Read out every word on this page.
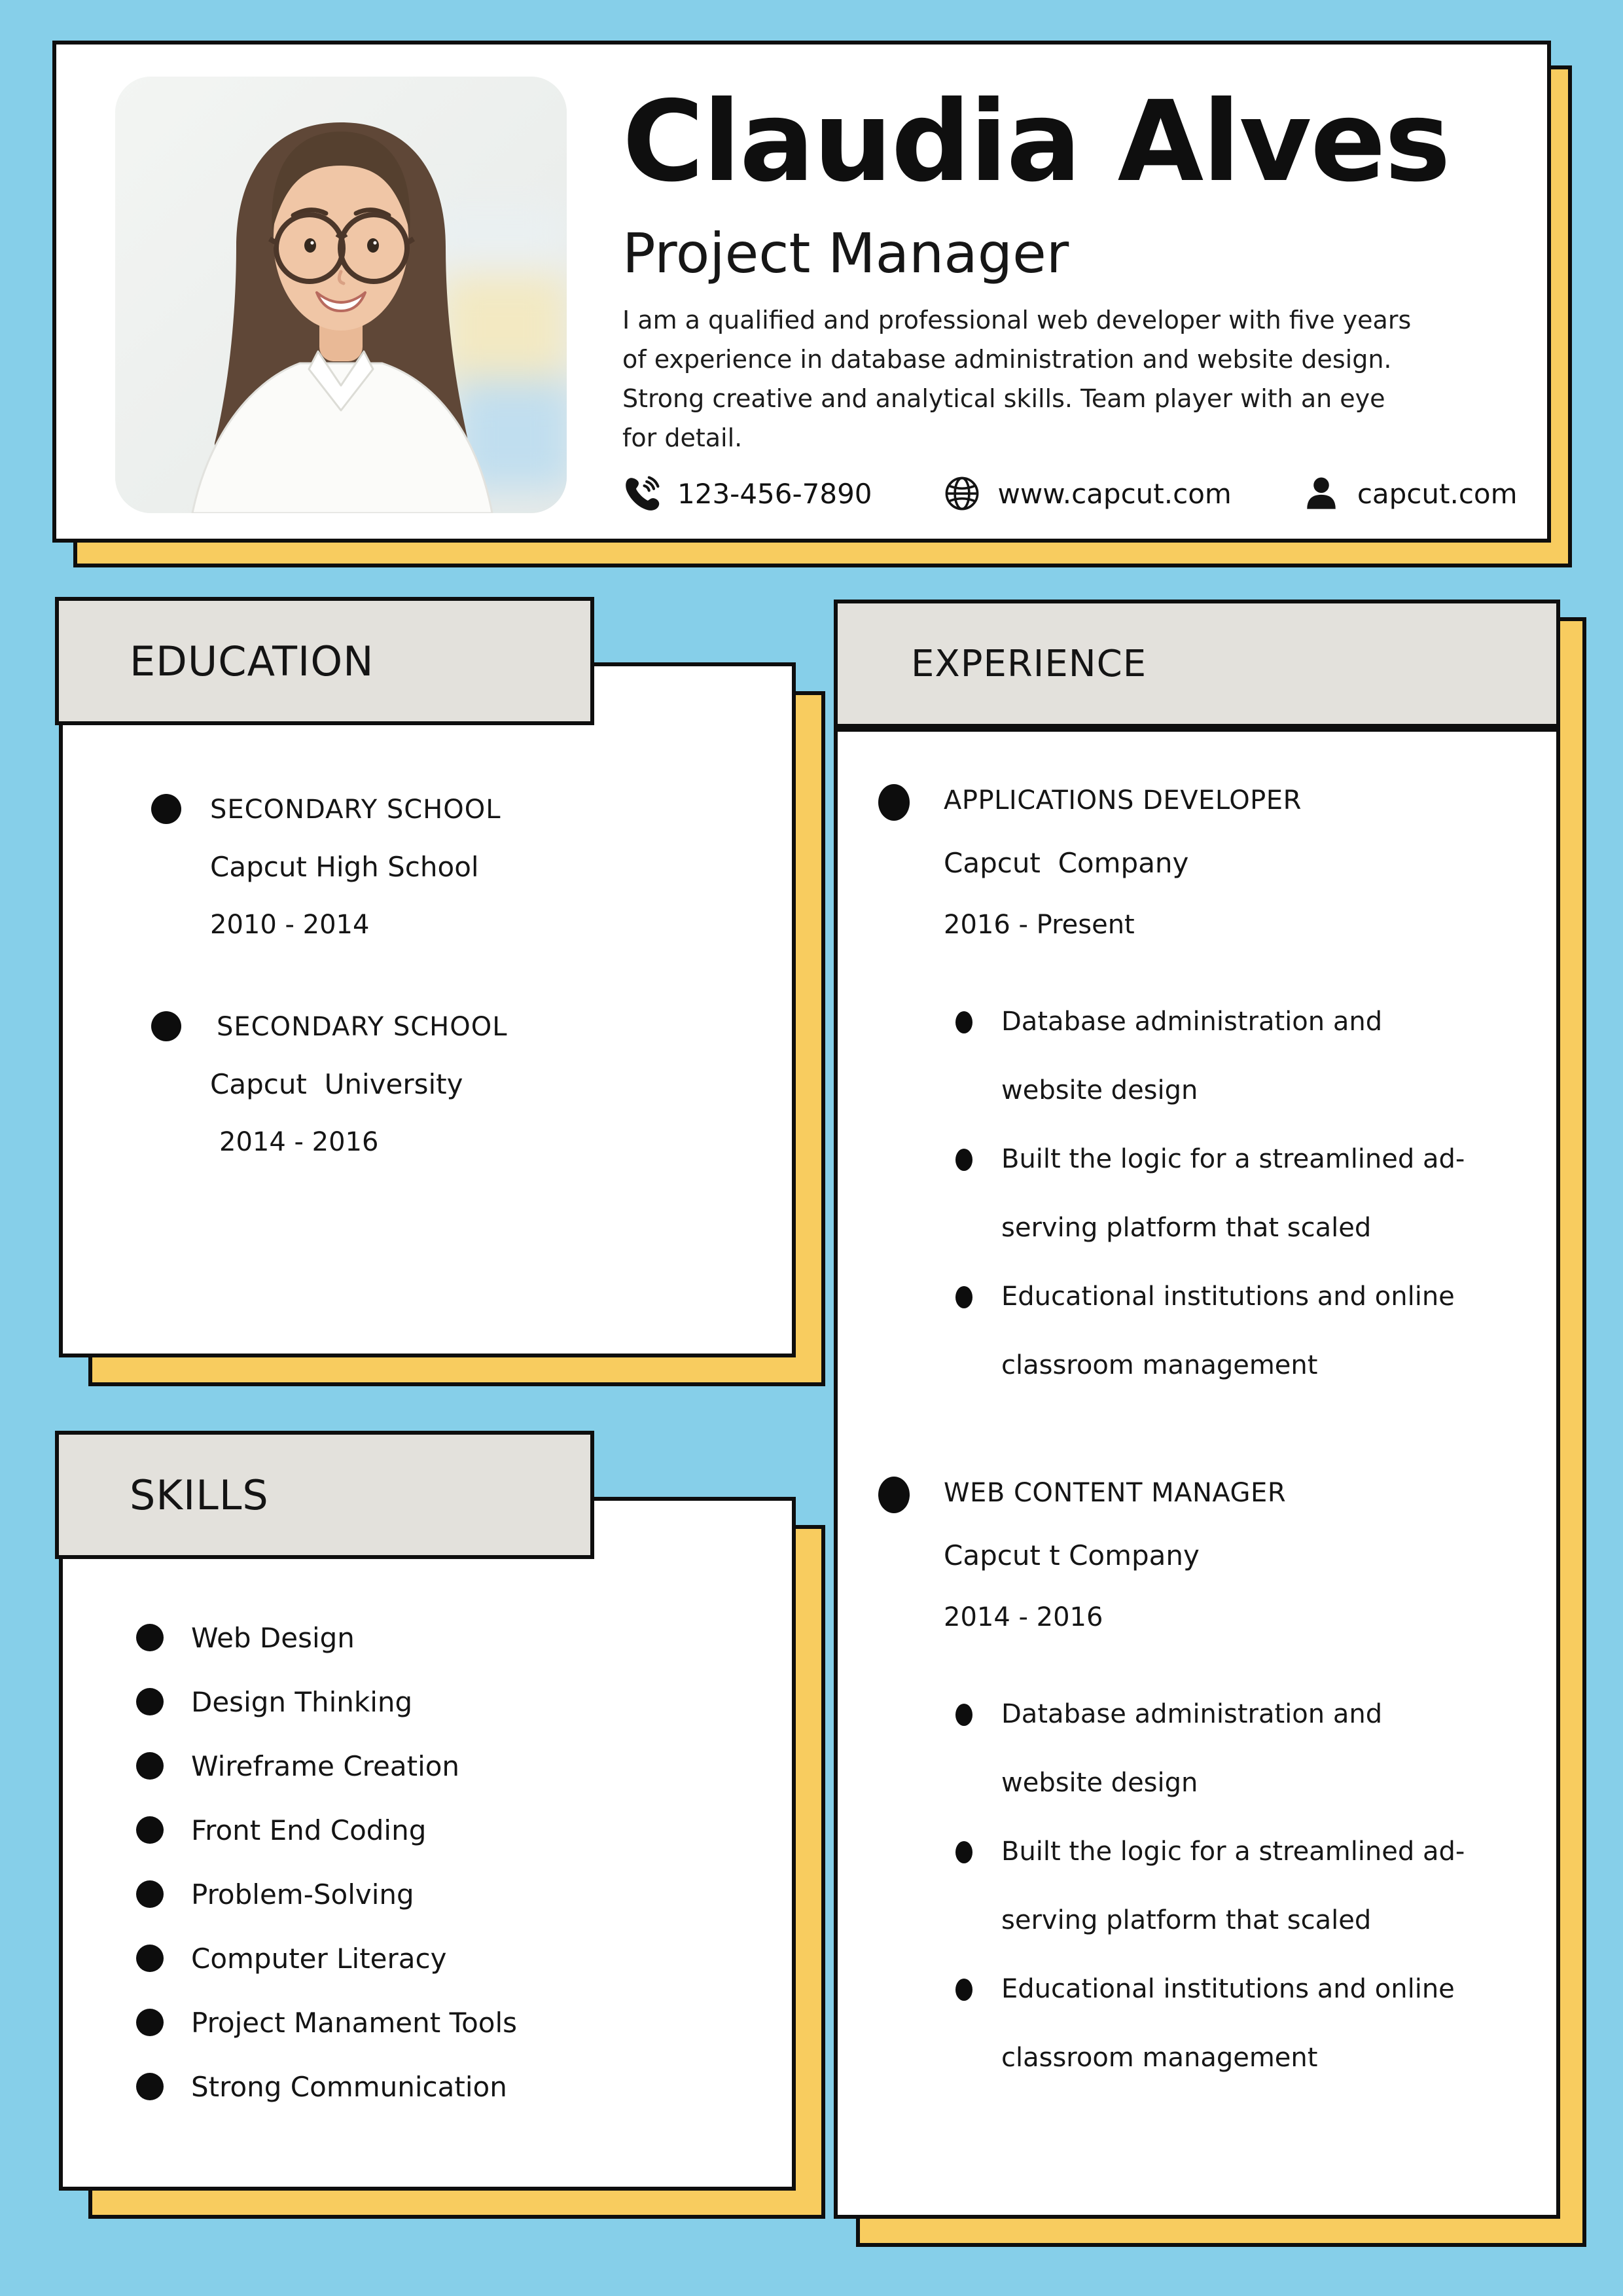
Claudia Alves
Project Manager

I am a qualified and professional web developer with five years of experience in database administration and website design. Strong creative and analytical skills. Team player with an eye for detail.

123-456-7890	www.capcut.com	capcut.com
SECONDARY SCHOOL
Capcut High School
2010 - 2014
SECONDARY SCHOOL
Capcut  University
2014 - 2016
EDUCATION
Web Design
Design Thinking
Wireframe Creation
Front End Coding
Problem-Solving
Computer Literacy
Project Manament Tools
Strong Communication
SKILLS
APPLICATIONS DEVELOPER
Capcut  Company
2016 - Present
Database administration and
website design
Built the logic for a streamlined ad-
serving platform that scaled
Educational institutions and online
classroom management
WEB CONTENT MANAGER
Capcut t Company
2014 - 2016
Database administration and
website design
Built the logic for a streamlined ad-
serving platform that scaled
Educational institutions and online
classroom management
EXPERIENCE
